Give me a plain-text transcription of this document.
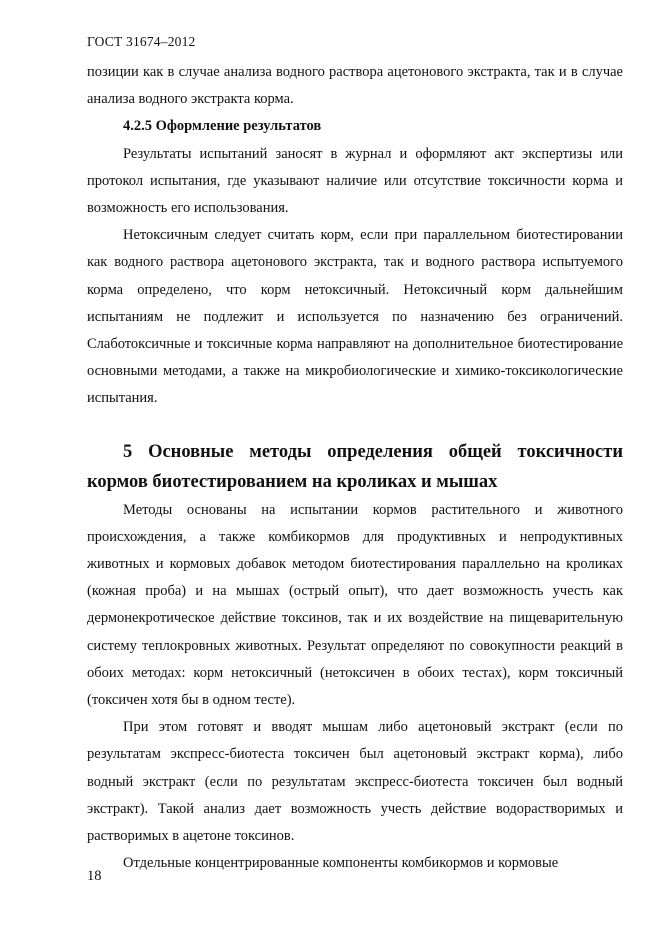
ГОСТ 31674–2012

позиции как в случае анализа водного раствора ацетонового экстракта, так и в случае анализа водного экстракта корма.

4.2.5 Оформление результатов

Результаты испытаний заносят в журнал и оформляют акт экспертизы или протокол испытания, где указывают наличие или отсутствие токсичности корма и возможность его использования.

Нетоксичным следует считать корм, если при параллельном биотестировании как водного раствора ацетонового экстракта, так и водного раствора испытуемого корма определено, что корм нетоксичный. Нетоксичный корм дальнейшим испытаниям не подлежит и используется по назначению без ограничений. Слаботоксичные и токсичные корма направляют на дополнительное биотестирование основными методами, а также на микробиологические и химико-токсикологические испытания.

5 Основные методы определения общей токсичности кормов биотестированием на кроликах и мышах

Методы основаны на испытании кормов растительного и животного происхождения, а также комбикормов для продуктивных и непродуктивных животных и кормовых добавок методом биотестирования параллельно на кроликах (кожная проба) и на мышах (острый опыт), что дает возможность учесть как дермонекротическое действие токсинов, так и их воздействие на пищеварительную систему теплокровных животных. Результат определяют по совокупности реакций в обоих методах: корм нетоксичный (нетоксичен в обоих тестах), корм токсичный (токсичен хотя бы в одном тесте).

При этом готовят и вводят мышам либо ацетоновый экстракт (если по результатам экспресс-биотеста токсичен был ацетоновый экстракт корма), либо водный экстракт (если по результатам экспресс-биотеста токсичен был водный экстракт). Такой анализ дает возможность учесть действие водорастворимых и растворимых в ацетоне токсинов.

Отдельные концентрированные компоненты комбикормов и кормовые

18
